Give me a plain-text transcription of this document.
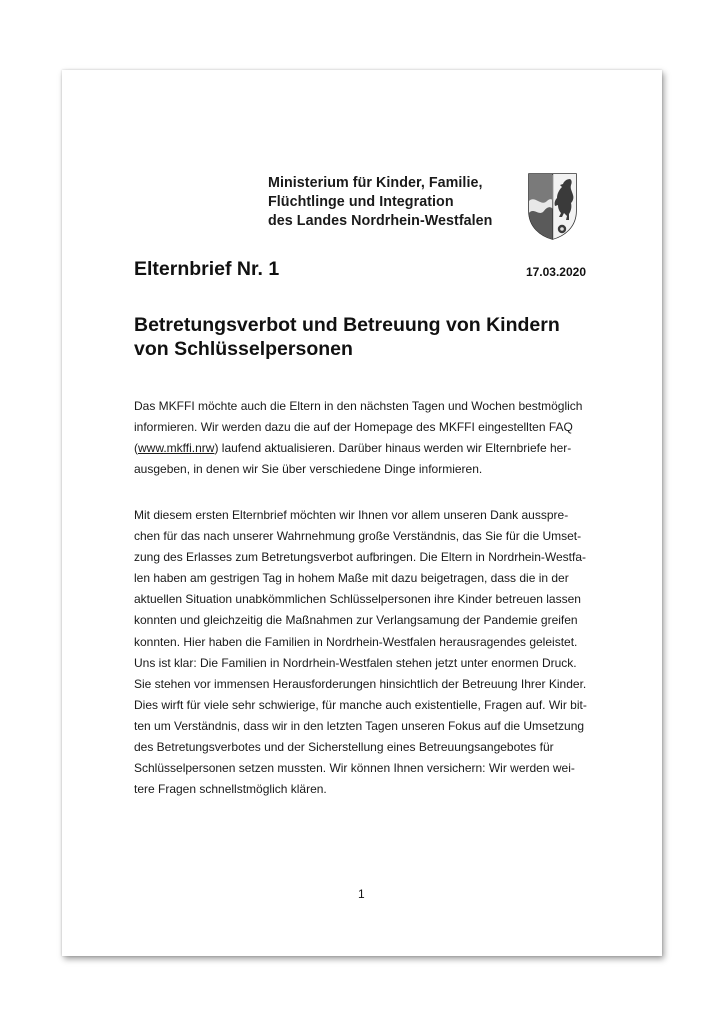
Ministerium für Kinder, Familie,
Flüchtlinge und Integration
des Landes Nordrhein-Westfalen
Elternbrief Nr. 1	17.03.2020
Betretungsverbot und Betreuung von Kindern
von Schlüsselpersonen
Das MKFFI möchte auch die Eltern in den nächsten Tagen und Wochen bestmöglich
informieren. Wir werden dazu die auf der Homepage des MKFFI eingestellten FAQ
(www.mkffi.nrw) laufend aktualisieren. Darüber hinaus werden wir Elternbriefe her-
ausgeben, in denen wir Sie über verschiedene Dinge informieren.
Mit diesem ersten Elternbrief möchten wir Ihnen vor allem unseren Dank ausspre-
chen für das nach unserer Wahrnehmung große Verständnis, das Sie für die Umset-
zung des Erlasses zum Betretungsverbot aufbringen. Die Eltern in Nordrhein-Westfa-
len haben am gestrigen Tag in hohem Maße mit dazu beigetragen, dass die in der
aktuellen Situation unabkömmlichen Schlüsselpersonen ihre Kinder betreuen lassen
konnten und gleichzeitig die Maßnahmen zur Verlangsamung der Pandemie greifen
konnten. Hier haben die Familien in Nordrhein-Westfalen herausragendes geleistet.
Uns ist klar: Die Familien in Nordrhein-Westfalen stehen jetzt unter enormen Druck.
Sie stehen vor immensen Herausforderungen hinsichtlich der Betreuung Ihrer Kinder.
Dies wirft für viele sehr schwierige, für manche auch existentielle, Fragen auf. Wir bit-
ten um Verständnis, dass wir in den letzten Tagen unseren Fokus auf die Umsetzung
des Betretungsverbotes und der Sicherstellung eines Betreuungsangebotes für
Schlüsselpersonen setzen mussten. Wir können Ihnen versichern: Wir werden wei-
tere Fragen schnellstmöglich klären.
1
